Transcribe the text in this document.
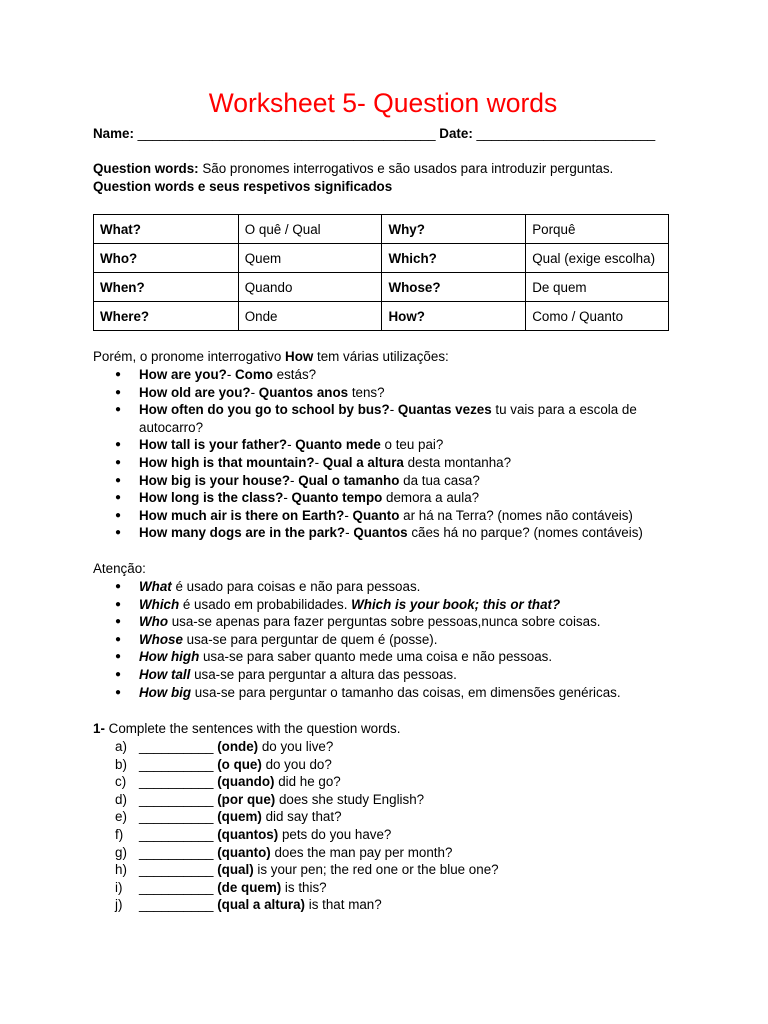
Worksheet 5- Question words
Name: ________________________________________ Date: ________________________
Question words: São pronomes interrogativos e são usados para introduzir perguntas.
Question words e seus respetivos significados
What?	O quê / Qual	Why?	Porquê
Who?	Quem	Which?	Qual (exige escolha)
When?	Quando	Whose?	De quem
Where?	Onde	How?	Como / Quanto
Porém, o pronome interrogativo How tem várias utilizações:
● How are you?- Como estás?
● How old are you?- Quantos anos tens?
● How often do you go to school by bus?- Quantas vezes tu vais para a escola de autocarro?
● How tall is your father?- Quanto mede o teu pai?
● How high is that mountain?- Qual a altura desta montanha?
● How big is your house?- Qual o tamanho da tua casa?
● How long is the class?- Quanto tempo demora a aula?
● How much air is there on Earth?- Quanto ar há na Terra? (nomes não contáveis)
● How many dogs are in the park?- Quantos cães há no parque? (nomes contáveis)
Atenção:
● What é usado para coisas e não para pessoas.
● Which é usado em probabilidades. Which is your book; this or that?
● Who usa-se apenas para fazer perguntas sobre pessoas,nunca sobre coisas.
● Whose usa-se para perguntar de quem é (posse).
● How high usa-se para saber quanto mede uma coisa e não pessoas.
● How tall usa-se para perguntar a altura das pessoas.
● How big usa-se para perguntar o tamanho das coisas, em dimensões genéricas.
1- Complete the sentences with the question words.
a) __________ (onde) do you live?
b) __________ (o que) do you do?
c) __________ (quando) did he go?
d) __________ (por que) does she study English?
e) __________ (quem) did say that?
f) __________ (quantos) pets do you have?
g) __________ (quanto) does the man pay per month?
h) __________ (qual) is your pen; the red one or the blue one?
i) __________ (de quem) is this?
j) __________ (qual a altura) is that man?
